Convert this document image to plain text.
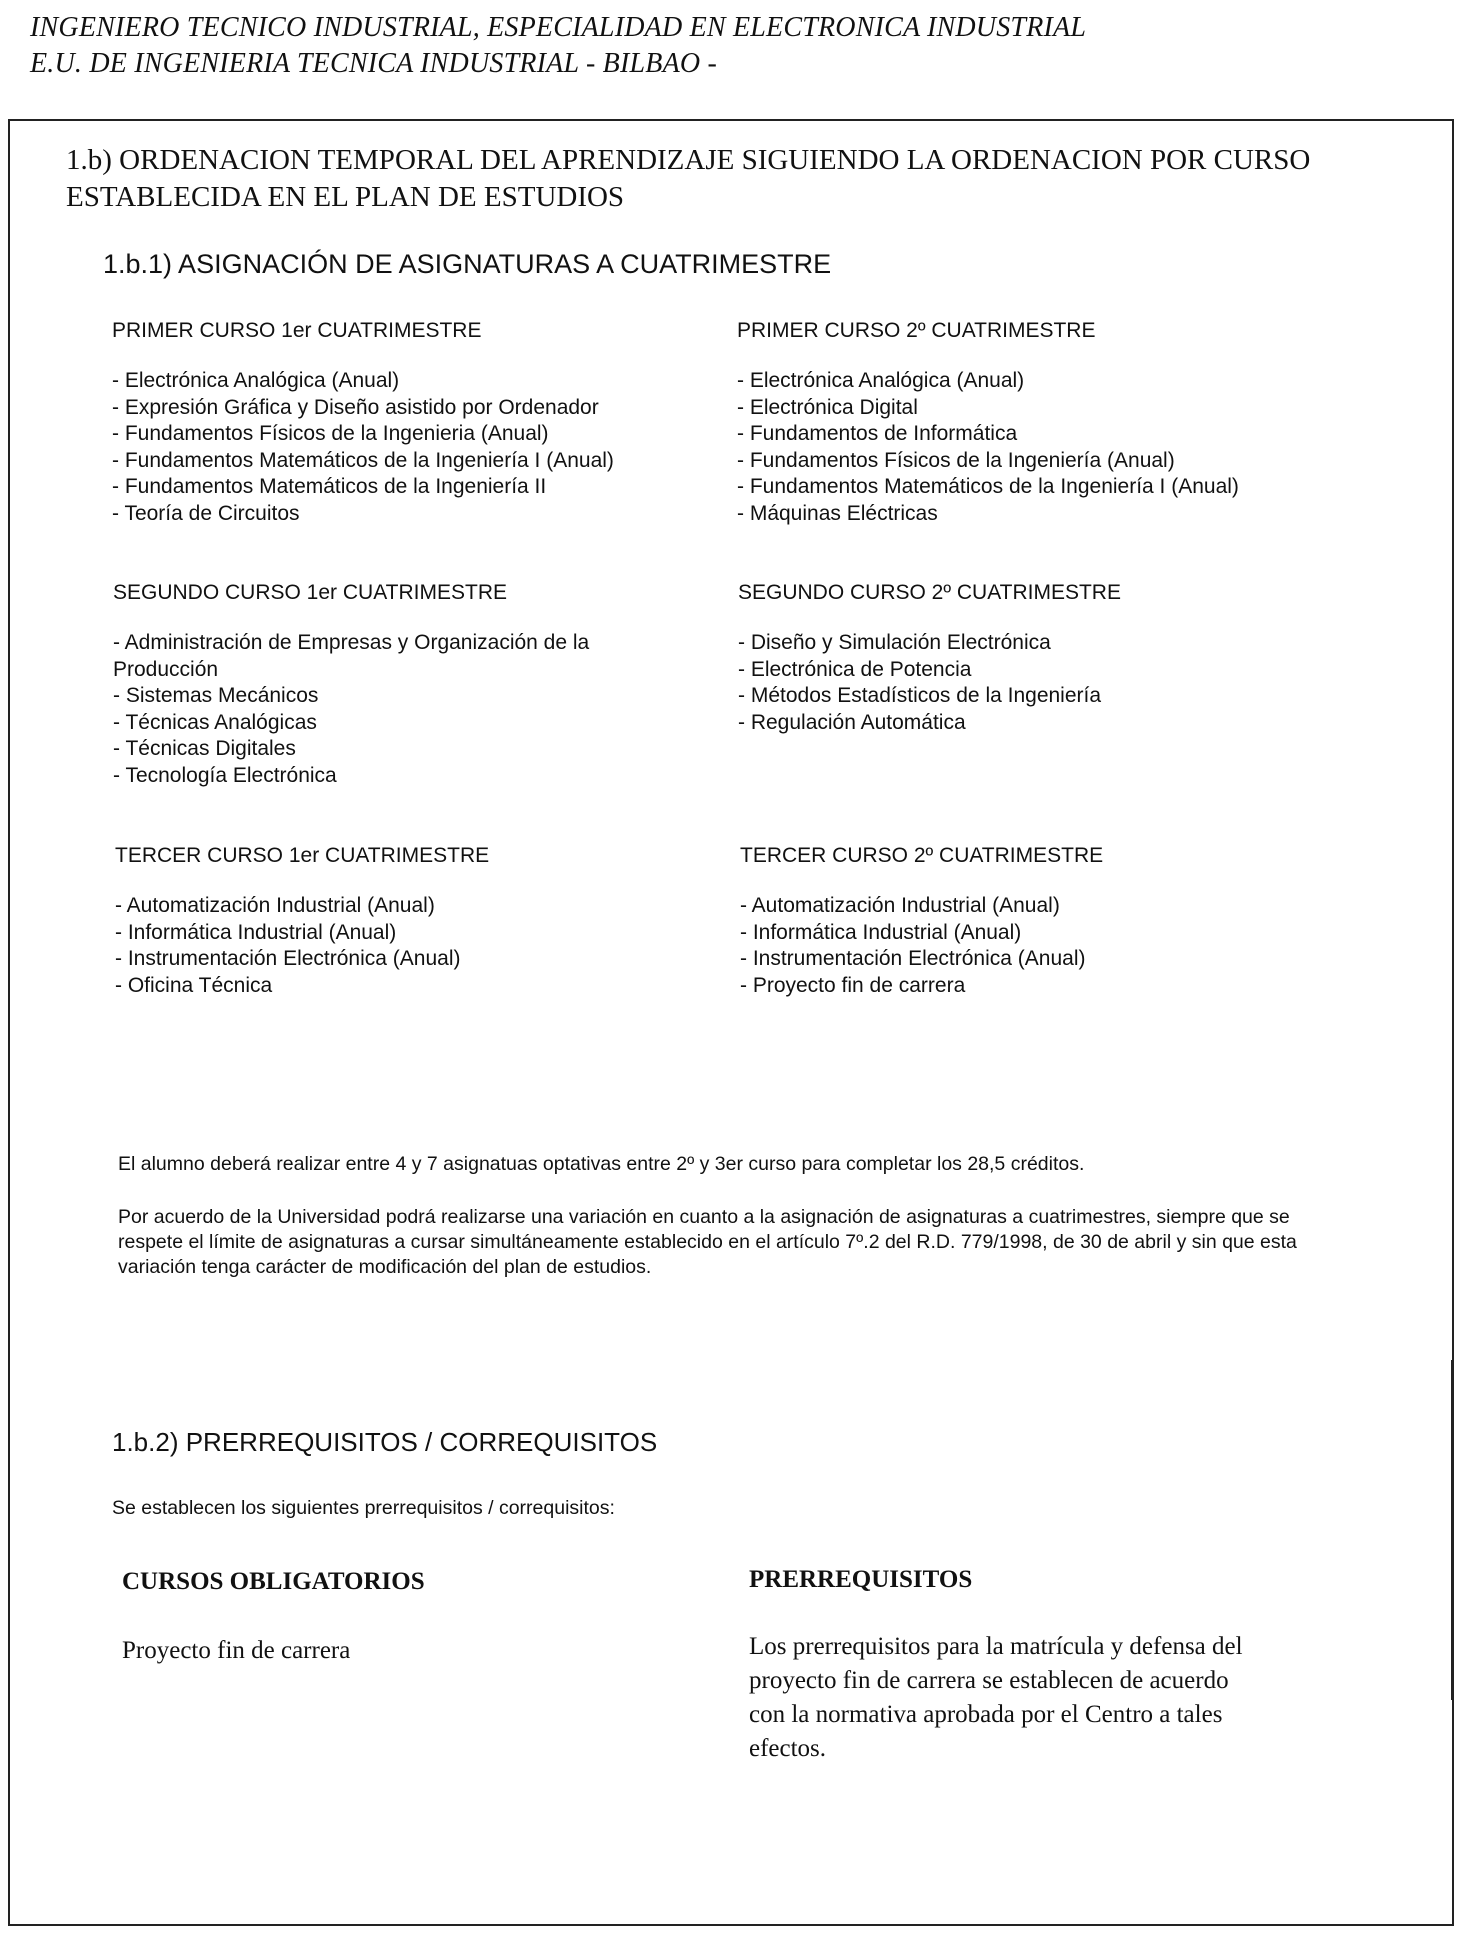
INGENIERO TECNICO INDUSTRIAL, ESPECIALIDAD EN ELECTRONICA INDUSTRIAL
E.U. DE INGENIERIA TECNICA INDUSTRIAL - BILBAO -
1.b) ORDENACION TEMPORAL DEL APRENDIZAJE SIGUIENDO LA ORDENACION POR CURSO ESTABLECIDA EN EL PLAN DE ESTUDIOS
1.b.1) ASIGNACIÓN DE ASIGNATURAS A CUATRIMESTRE
PRIMER CURSO 1er CUATRIMESTRE
- Electrónica Analógica (Anual)
- Expresión Gráfica y Diseño asistido por Ordenador
- Fundamentos Físicos de la Ingenieria (Anual)
- Fundamentos Matemáticos de la Ingeniería I (Anual)
- Fundamentos Matemáticos de la Ingeniería II
- Teoría de Circuitos
PRIMER CURSO 2º CUATRIMESTRE
- Electrónica Analógica (Anual)
- Electrónica Digital
- Fundamentos de Informática
- Fundamentos Físicos de la Ingeniería (Anual)
- Fundamentos Matemáticos de la Ingeniería I (Anual)
- Máquinas Eléctricas
SEGUNDO CURSO 1er CUATRIMESTRE
- Administración de Empresas y Organización de la Producción
- Sistemas Mecánicos
- Técnicas Analógicas
- Técnicas Digitales
- Tecnología Electrónica
SEGUNDO CURSO 2º CUATRIMESTRE
- Diseño y Simulación Electrónica
- Electrónica de Potencia
- Métodos Estadísticos de la Ingeniería
- Regulación Automática
TERCER CURSO 1er CUATRIMESTRE
- Automatización Industrial (Anual)
- Informática Industrial (Anual)
- Instrumentación Electrónica (Anual)
- Oficina Técnica
TERCER CURSO 2º CUATRIMESTRE
- Automatización Industrial (Anual)
- Informática Industrial (Anual)
- Instrumentación Electrónica (Anual)
- Proyecto fin de carrera
El alumno deberá realizar entre 4 y 7 asignatuas optativas entre 2º y 3er curso para completar los 28,5 créditos.
Por acuerdo de la Universidad podrá realizarse una variación en cuanto a la asignación de asignaturas a cuatrimestres, siempre que se respete el límite de asignaturas a cursar simultáneamente establecido en el artículo 7º.2 del R.D. 779/1998, de 30 de abril y sin que esta variación tenga carácter de modificación del plan de estudios.
1.b.2) PRERREQUISITOS / CORREQUISITOS
Se establecen los siguientes prerrequisitos / correquisitos:
CURSOS OBLIGATORIOS	PRERREQUISITOS
Proyecto fin de carrera	Los prerrequisitos para la matrícula y defensa del proyecto fin de carrera se establecen de acuerdo con la normativa aprobada por el Centro a tales efectos.
